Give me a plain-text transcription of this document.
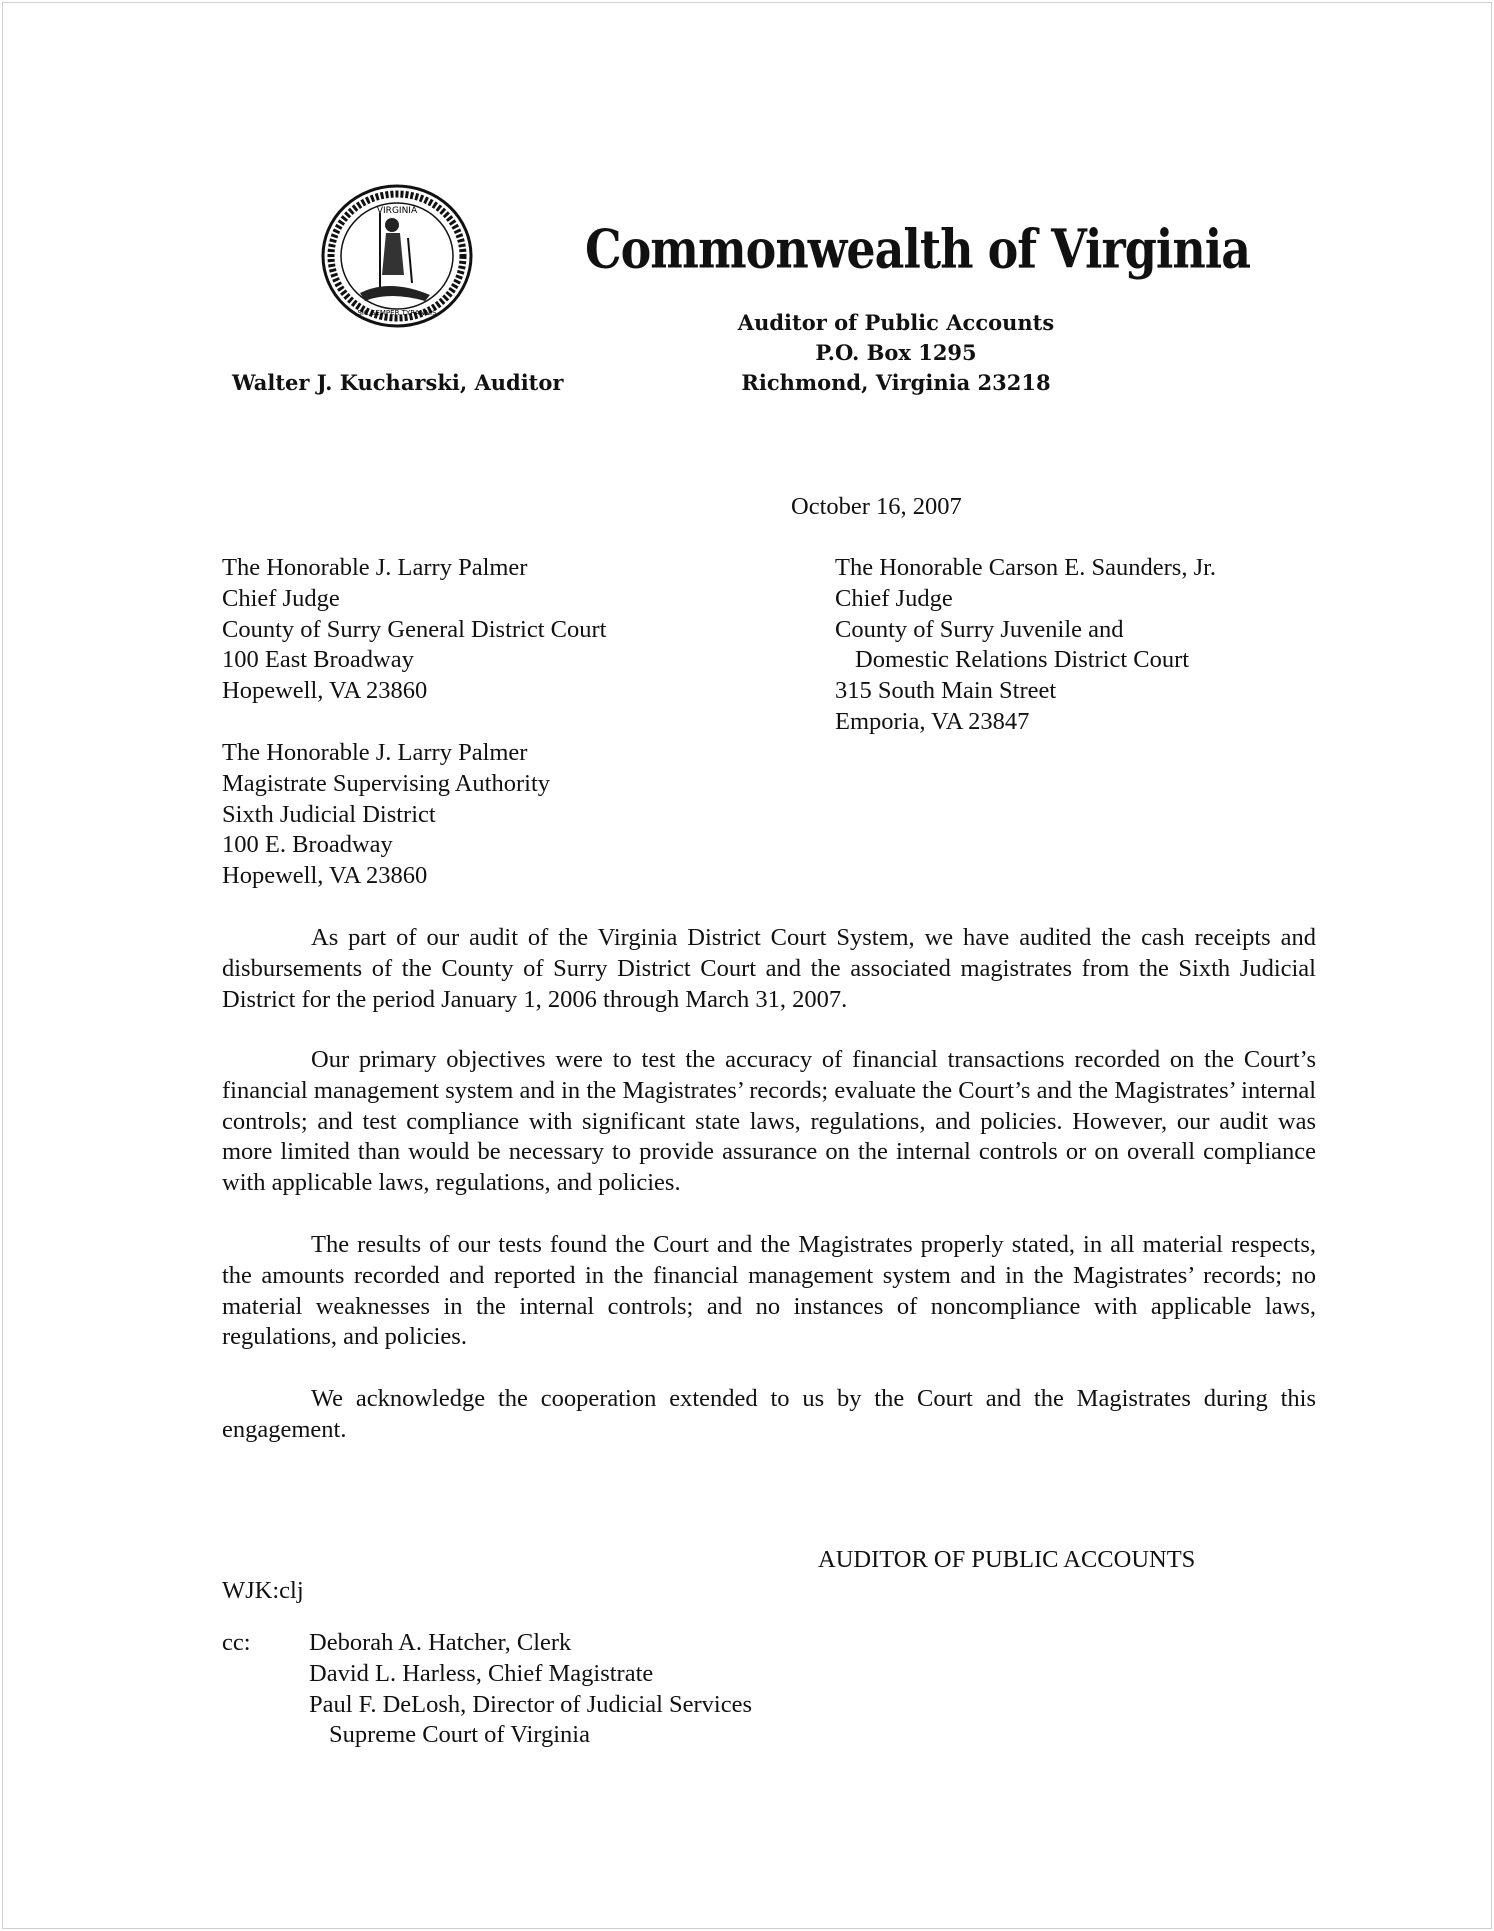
VIRGINIA
SIC SEMPER TYRANNIS
Commonwealth of Virginia
Auditor of Public Accounts
P.O. Box 1295
Richmond, Virginia 23218
Walter J. Kucharski, Auditor
October 16, 2007
The Honorable J. Larry Palmer
Chief Judge
County of Surry General District Court
100 East Broadway
Hopewell, VA 23860
The Honorable Carson E. Saunders, Jr.
Chief Judge
County of Surry Juvenile and
Domestic Relations District Court
315 South Main Street
Emporia, VA 23847
The Honorable J. Larry Palmer
Magistrate Supervising Authority
Sixth Judicial District
100 E. Broadway
Hopewell, VA 23860
As part of our audit of the Virginia District Court System, we have audited the cash receipts and disbursements of the County of Surry District Court and the associated magistrates from the Sixth Judicial District for the period January 1, 2006 through March 31, 2007.
Our primary objectives were to test the accuracy of financial transactions recorded on the Court’s financial management system and in the Magistrates’ records; evaluate the Court’s and the Magistrates’ internal controls; and test compliance with significant state laws, regulations, and policies. However, our audit was more limited than would be necessary to provide assurance on the internal controls or on overall compliance with applicable laws, regulations, and policies.
The results of our tests found the Court and the Magistrates properly stated, in all material respects, the amounts recorded and reported in the financial management system and in the Magistrates’ records; no material weaknesses in the internal controls; and no instances of noncompliance with applicable laws, regulations, and policies.
We acknowledge the cooperation extended to us by the Court and the Magistrates during this engagement.
AUDITOR OF PUBLIC ACCOUNTS
WJK:clj
cc: Deborah A. Hatcher, Clerk
David L. Harless, Chief Magistrate
Paul F. DeLosh, Director of Judicial Services
Supreme Court of Virginia
